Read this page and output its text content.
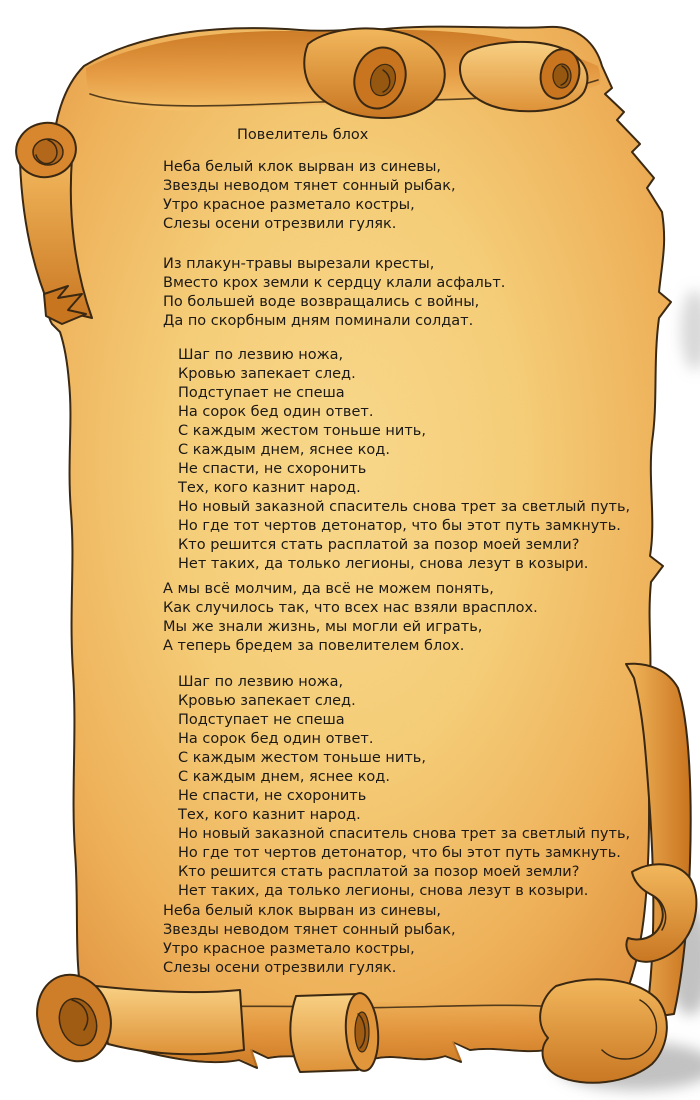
Повелитель блох
Неба белый клок вырван из синевы,
Звезды неводом тянет сонный рыбак,
Утро красное разметало костры,
Слезы осени отрезвили гуляк.
Из плакун-травы вырезали кресты,
Вместо крох земли к сердцу клали асфальт.
По большей воде возвращались с войны,
Да по скорбным дням поминали солдат.
Шаг по лезвию ножа,
Кровью запекает след.
Подступает не спеша
На сорок бед один ответ.
С каждым жестом тоньше нить,
С каждым днем, яснее код.
Не спасти, не схоронить
Тех, кого казнит народ.
Но новый заказной спаситель снова трет за светлый путь,
Но где тот чертов детонатор, что бы этот путь замкнуть.
Кто решится стать расплатой за позор моей земли?
Нет таких, да только легионы, снова лезут в козыри.
А мы всё молчим, да всё не можем понять,
Как случилось так, что всех нас взяли врасплох.
Мы же знали жизнь, мы могли ей играть,
А теперь бредем за повелителем блох.
Шаг по лезвию ножа,
Кровью запекает след.
Подступает не спеша
На сорок бед один ответ.
С каждым жестом тоньше нить,
С каждым днем, яснее код.
Не спасти, не схоронить
Тех, кого казнит народ.
Но новый заказной спаситель снова трет за светлый путь,
Но где тот чертов детонатор, что бы этот путь замкнуть.
Кто решится стать расплатой за позор моей земли?
Нет таких, да только легионы, снова лезут в козыри.
Неба белый клок вырван из синевы,
Звезды неводом тянет сонный рыбак,
Утро красное разметало костры,
Слезы осени отрезвили гуляк.
